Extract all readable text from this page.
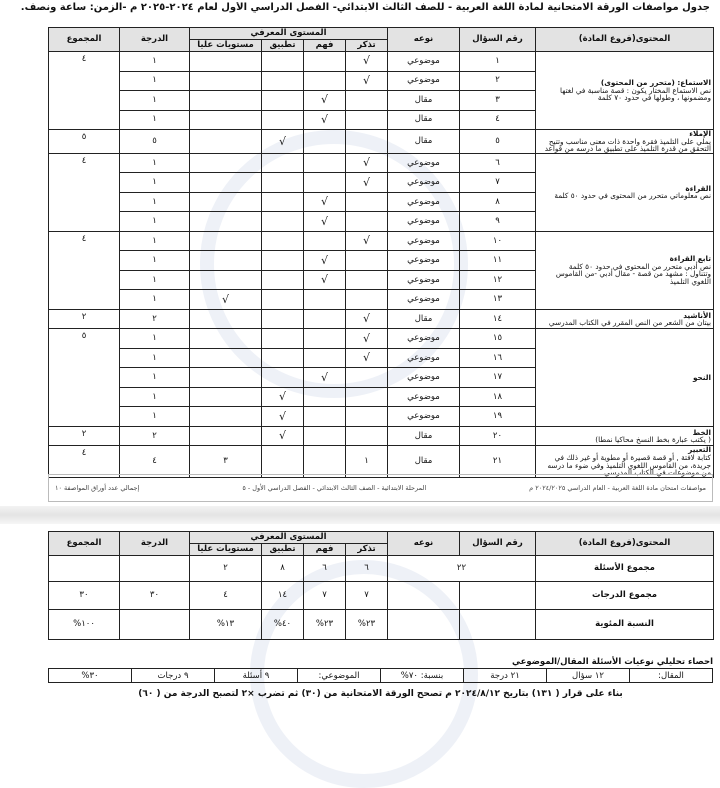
جدول مواصفات الورقة الامتحانية لمادة اللغة العربية - للصف الثالث الابتدائي- الفصل الدراسي الأول لعام ٢٠٢٤-٢٠٢٥ م -الزمن: ساعة ونصف.
المحتوى(فروع المادة)	رقم السؤال	نوعه	المستوى المعرفي				الدرجة	المجموع
			تذكر	فهم	تطبيق	مستويات عليا		

الاستماع: (متحرر من المحتوى)
نص الاستماع المختار يكون : قصة مناسبة في لغتها ومضمونها ، وطولها في حدود ٧٠ كلمة	١	موضوعي	√				١	٤
	٢	موضوعي	√				١	
	٣	مقال		√			١	
	٤	مقال		√			١	

الإملاء
يملي على التلميذ فقرة واحدة ذات معنى مناسب وتتيح التحقق من قدرة التلميذ على تطبيق ما درسه من قواعد	٥	مقال			√		٥	٥

القراءة
نص معلوماتي متحرر من المحتوى في حدود ٥٠ كلمة	٦	موضوعي	√				١	٤
	٧	موضوعي	√				١	
	٨	موضوعي		√			١	
	٩	موضوعي		√			١	

تابع القراءة
نص أدبي متحرر من المحتوى في حدود ٥٠ كلمة
وتتناول : مشهد من قصة - مقال أدبي -من القاموس اللغوي التلميذ	١٠	موضوعي	√				١	٤
	١١	موضوعي		√			١	
	١٢	موضوعي		√			١	
	١٣	موضوعي				√	١	

الأناشيد
بيتان من الشعر من النص المقرر في الكتاب المدرسي	١٤	مقال	√				٢	٢

النحو	١٥	موضوعي	√				١	٥
	١٦	موضوعي	√				١	
	١٧	موضوعي		√			١	
	١٨	موضوعي			√		١	
	١٩	موضوعي			√		١	

الخط
( يكتب عبارة بخط النسخ محاكيا نمطا)	٢٠	مقال			√		٢	٢

التعبير
كتابة لافتة , أو قصة قصيرة أو مطوية أو غير ذلك في جريدة، من القاموس اللغوي التلميذ وفي ضوء ما درسه من موضوعات في الكتاب المدرسي.	٢١	مقال	١			٣	٤	٤
مواصفات امتحان مادة اللغة العربية - العام الدراسي ٢٠٢٤/٢٠٢٥ م
المرحلة الابتدائية - الصف الثالث الابتدائي - الفصل الدراسي الأول - ٥
إجمالي عدد أوراق المواصفة ١٠
المحتوى(فروع المادة)	رقم السؤال	نوعه	المستوى المعرفي				الدرجة	المجموع
			تذكر	فهم	تطبيق	مستويات عليا		
مجموع الأسئلة	٢٢		٦	٦	٨	٢		
مجموع الدرجات			٧	٧	١٤	٤	٣٠	٣٠
النسبة المئوية			٢٣%	٢٣%	٤٠%	١٣%		١٠٠%
احصاء تحليلي نوعيات الأسئلة المقال/الموضوعي
المقال:	١٢ سؤال	٢١ درجة	بنسبة: ٧٠%	الموضوعي:	٩ أسئلة	٩ درجات	٣٠%
بناء على قرار ( ١٣١) بتاريخ ٢٠٢٤/٨/١٢ م تصحح الورقة الامتحانية من (٣٠) ثم تضرب ×٢ لتصبح الدرجة من ( ٦٠)
